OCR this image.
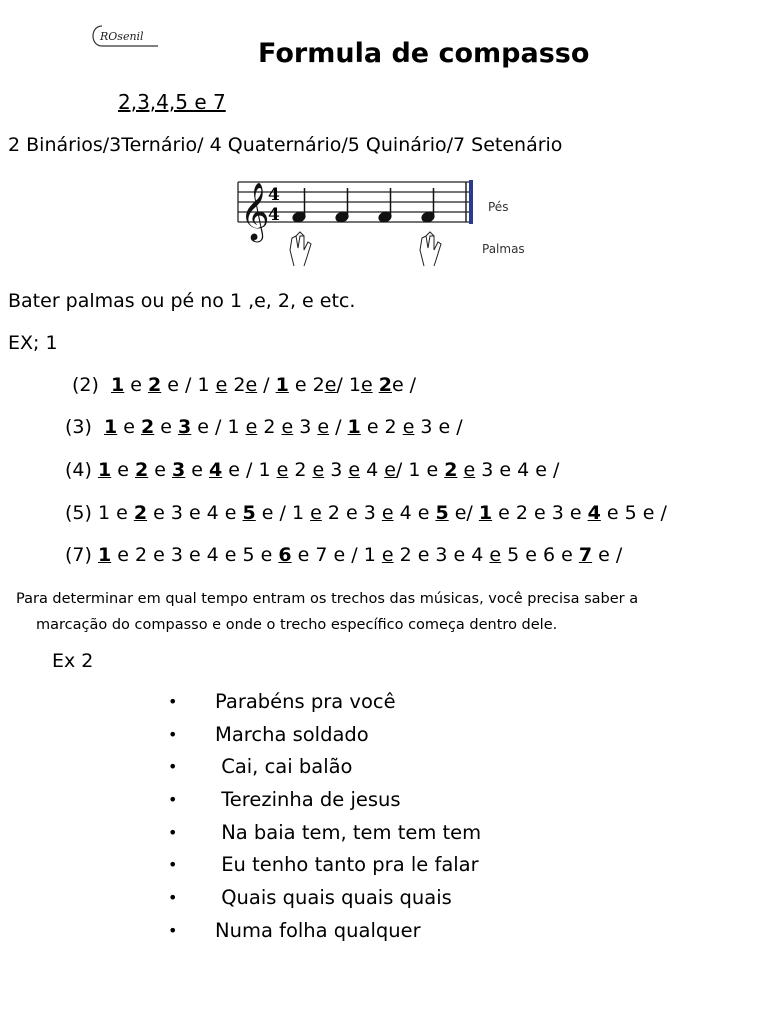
ROsenil
Formula de compasso
2,3,4,5 e 7
2 Binários/3Ternário/ 4 Quaternário/5 Quinário/7 Setenário
𝄞
4
4	Pés
Palmas
Bater palmas ou pé no 1 ,e, 2, e etc.
EX; 1
(2)  1 e 2 e / 1 e 2e / 1 e 2e/ 1e 2e /
(3)  1 e 2 e 3 e / 1 e 2 e 3 e / 1 e 2 e 3 e /
(4) 1 e 2 e 3 e 4 e / 1 e 2 e 3 e 4 e/ 1 e 2 e 3 e 4 e /
(5) 1 e 2 e 3 e 4 e 5 e / 1 e 2 e 3 e 4 e 5 e/ 1 e 2 e 3 e 4 e 5 e /
(7) 1 e 2 e 3 e 4 e 5 e 6 e 7 e / 1 e 2 e 3 e 4 e 5 e 6 e 7 e /
Para determinar em qual tempo entram os trechos das músicas, você precisa saber a
marcação do compasso e onde o trecho específico começa dentro dele.
Ex 2
• Parabéns pra você
• Marcha soldado
• Cai, cai balão
• Terezinha de jesus
• Na baia tem, tem tem tem
• Eu tenho tanto pra le falar
• Quais quais quais quais
• Numa folha qualquer
